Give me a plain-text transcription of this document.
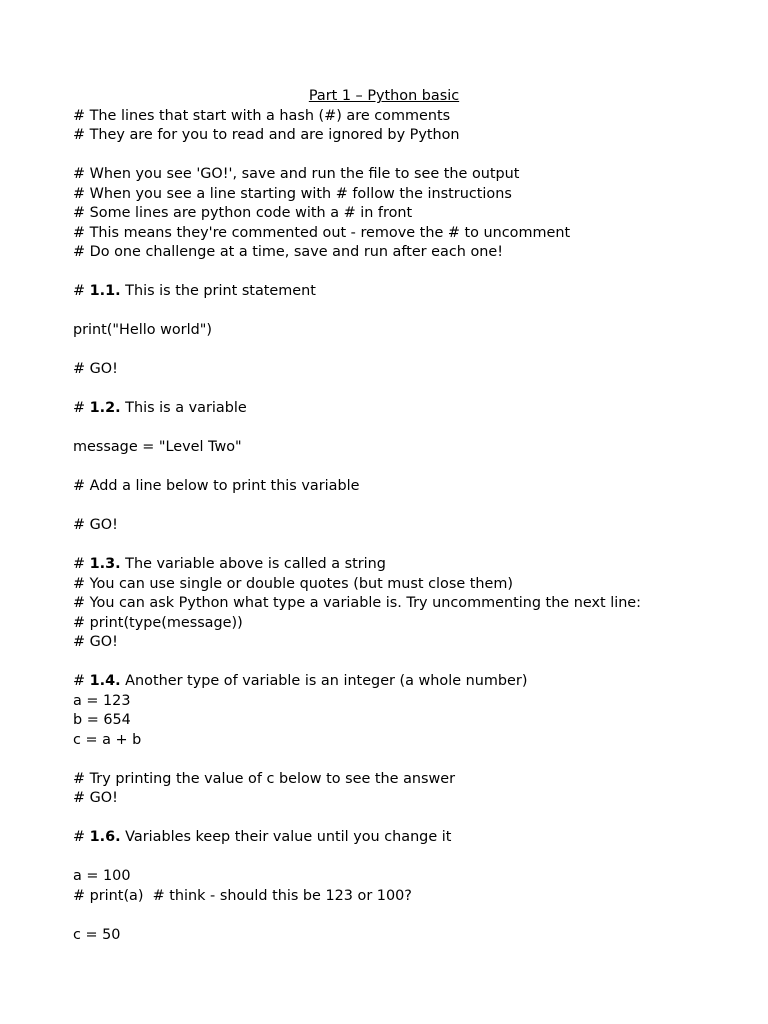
Part 1 – Python basic
# The lines that start with a hash (#) are comments
# They are for you to read and are ignored by Python
# When you see 'GO!', save and run the file to see the output
# When you see a line starting with # follow the instructions
# Some lines are python code with a # in front
# This means they're commented out - remove the # to uncomment
# Do one challenge at a time, save and run after each one!
# 1.1. This is the print statement
print("Hello world")
# GO!
# 1.2. This is a variable
message = "Level Two"
# Add a line below to print this variable
# GO!
# 1.3. The variable above is called a string
# You can use single or double quotes (but must close them)
# You can ask Python what type a variable is. Try uncommenting the next line:
# print(type(message))
# GO!
# 1.4. Another type of variable is an integer (a whole number)
a = 123
b = 654
c = a + b
# Try printing the value of c below to see the answer
# GO!
# 1.6. Variables keep their value until you change it
a = 100
# print(a)  # think - should this be 123 or 100?
c = 50
